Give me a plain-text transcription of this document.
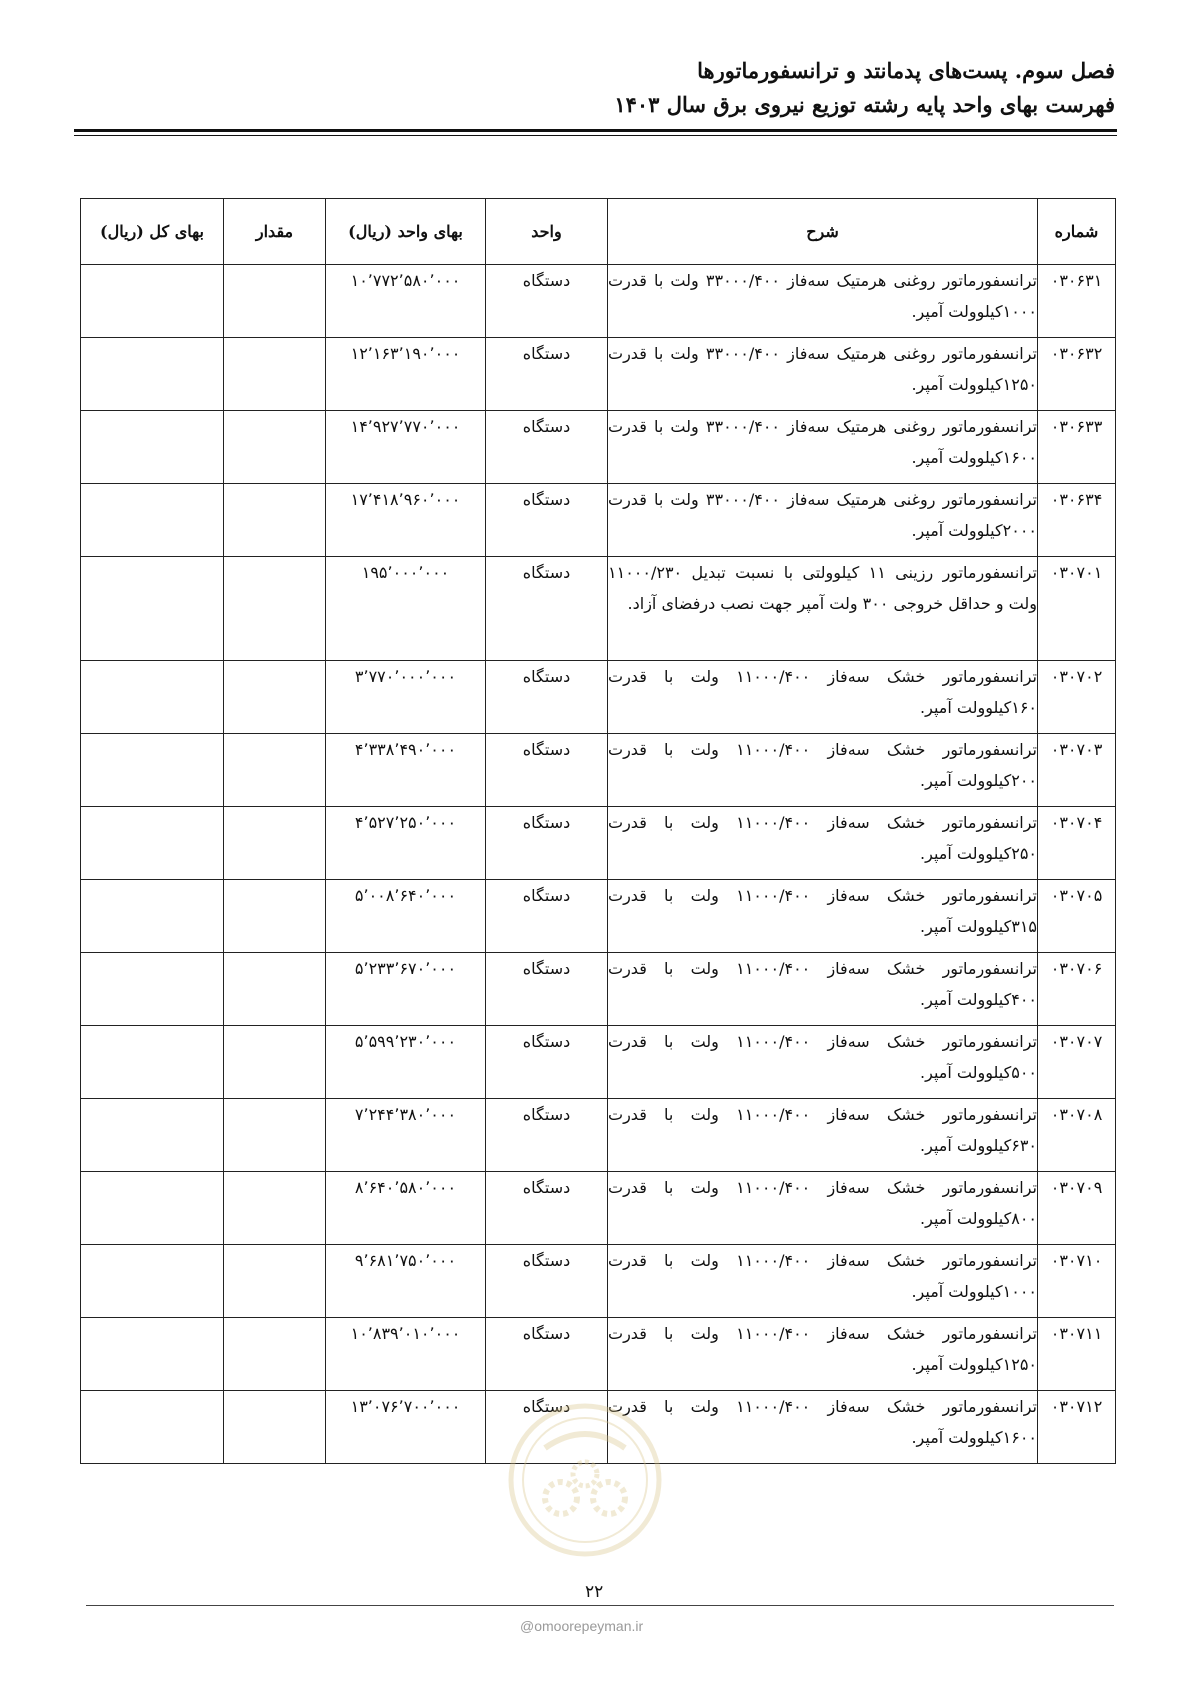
فصل سوم. پست‌های پدمانتد و ترانسفورماتورها
فهرست بهای واحد پایه رشته توزیع نیروی برق سال ۱۴۰۳
شماره	شرح	واحد	بهای واحد (ریال)	مقدار	بهای کل (ریال)
۰۳۰۶۳۱	ترانسفورماتور روغنی هرمتیک سه‌فاز ۳۳۰۰۰/۴۰۰ ولت با قدرت ۱۰۰۰کیلوولت آمپر.	دستگاه	۱۰٬۷۷۲٬۵۸۰٬۰۰۰		
۰۳۰۶۳۲	ترانسفورماتور روغنی هرمتیک سه‌فاز ۳۳۰۰۰/۴۰۰ ولت با قدرت ۱۲۵۰کیلوولت آمپر.	دستگاه	۱۲٬۱۶۳٬۱۹۰٬۰۰۰		
۰۳۰۶۳۳	ترانسفورماتور روغنی هرمتیک سه‌فاز ۳۳۰۰۰/۴۰۰ ولت با قدرت ۱۶۰۰کیلوولت آمپر.	دستگاه	۱۴٬۹۲۷٬۷۷۰٬۰۰۰		
۰۳۰۶۳۴	ترانسفورماتور روغنی هرمتیک سه‌فاز ۳۳۰۰۰/۴۰۰ ولت با قدرت ۲۰۰۰کیلوولت آمپر.	دستگاه	۱۷٬۴۱۸٬۹۶۰٬۰۰۰		
۰۳۰۷۰۱	ترانسفورماتور رزینی ۱۱ کیلوولتی با نسبت تبدیل ۱۱۰۰۰/۲۳۰ ولت و حداقل خروجی ۳۰۰ ولت آمپر جهت نصب درفضای آزاد.	دستگاه	۱۹۵٬۰۰۰٬۰۰۰		
۰۳۰۷۰۲	ترانسفورماتور خشک سه‌فاز ۱۱۰۰۰/۴۰۰ ولت با قدرت ۱۶۰کیلوولت آمپر.	دستگاه	۳٬۷۷۰٬۰۰۰٬۰۰۰		
۰۳۰۷۰۳	ترانسفورماتور خشک سه‌فاز ۱۱۰۰۰/۴۰۰ ولت با قدرت ۲۰۰کیلوولت آمپر.	دستگاه	۴٬۳۳۸٬۴۹۰٬۰۰۰		
۰۳۰۷۰۴	ترانسفورماتور خشک سه‌فاز ۱۱۰۰۰/۴۰۰ ولت با قدرت ۲۵۰کیلوولت آمپر.	دستگاه	۴٬۵۲۷٬۲۵۰٬۰۰۰		
۰۳۰۷۰۵	ترانسفورماتور خشک سه‌فاز ۱۱۰۰۰/۴۰۰ ولت با قدرت ۳۱۵کیلوولت آمپر.	دستگاه	۵٬۰۰۸٬۶۴۰٬۰۰۰		
۰۳۰۷۰۶	ترانسفورماتور خشک سه‌فاز ۱۱۰۰۰/۴۰۰ ولت با قدرت ۴۰۰کیلوولت آمپر.	دستگاه	۵٬۲۳۳٬۶۷۰٬۰۰۰		
۰۳۰۷۰۷	ترانسفورماتور خشک سه‌فاز ۱۱۰۰۰/۴۰۰ ولت با قدرت ۵۰۰کیلوولت آمپر.	دستگاه	۵٬۵۹۹٬۲۳۰٬۰۰۰		
۰۳۰۷۰۸	ترانسفورماتور خشک سه‌فاز ۱۱۰۰۰/۴۰۰ ولت با قدرت ۶۳۰کیلوولت آمپر.	دستگاه	۷٬۲۴۴٬۳۸۰٬۰۰۰		
۰۳۰۷۰۹	ترانسفورماتور خشک سه‌فاز ۱۱۰۰۰/۴۰۰ ولت با قدرت ۸۰۰کیلوولت آمپر.	دستگاه	۸٬۶۴۰٬۵۸۰٬۰۰۰		
۰۳۰۷۱۰	ترانسفورماتور خشک سه‌فاز ۱۱۰۰۰/۴۰۰ ولت با قدرت ۱۰۰۰کیلوولت آمپر.	دستگاه	۹٬۶۸۱٬۷۵۰٬۰۰۰		
۰۳۰۷۱۱	ترانسفورماتور خشک سه‌فاز ۱۱۰۰۰/۴۰۰ ولت با قدرت ۱۲۵۰کیلوولت آمپر.	دستگاه	۱۰٬۸۳۹٬۰۱۰٬۰۰۰		
۰۳۰۷۱۲	ترانسفورماتور خشک سه‌فاز ۱۱۰۰۰/۴۰۰ ولت با قدرت ۱۶۰۰کیلوولت آمپر.	دستگاه	۱۳٬۰۷۶٬۷۰۰٬۰۰۰		
۲۲
@omoorepeyman.ir
